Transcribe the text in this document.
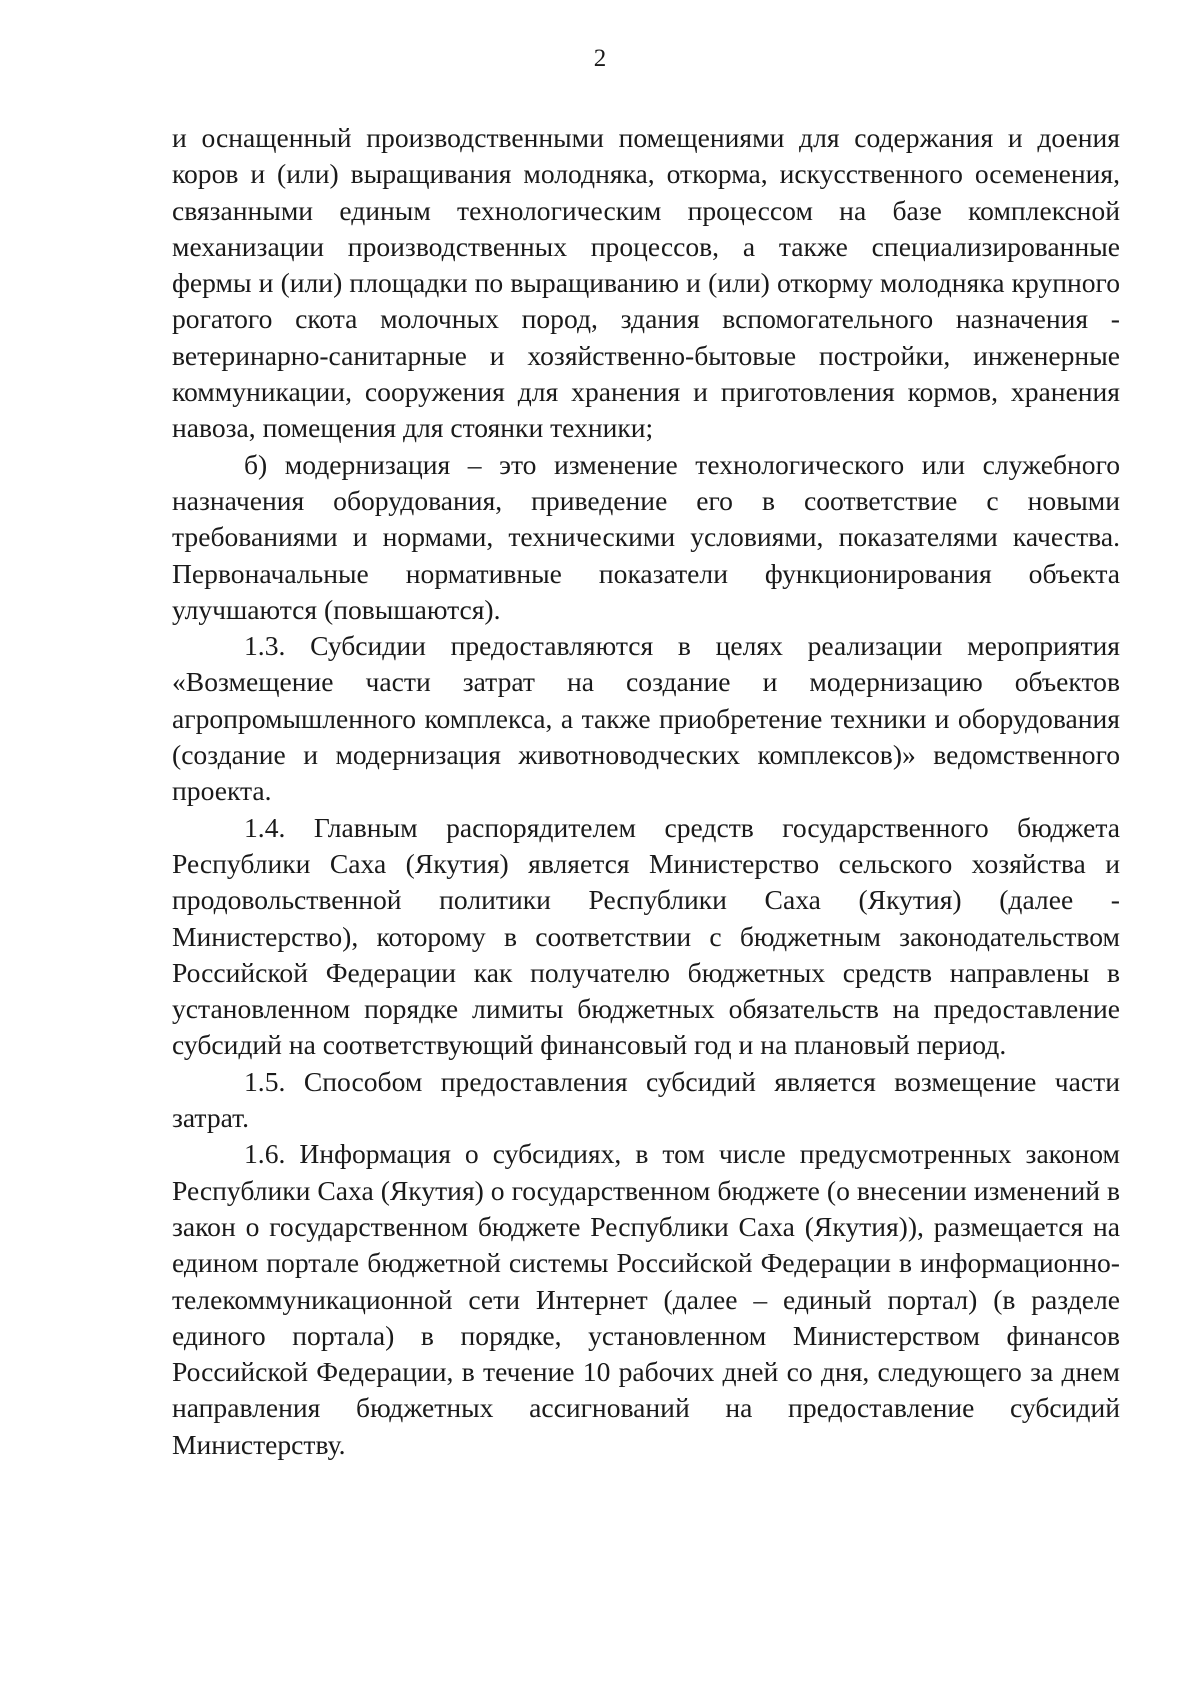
2

и оснащенный производственными помещениями для содержания и доения коров и (или) выращивания молодняка, откорма, искусственного осеменения, связанными единым технологическим процессом на базе комплексной механизации производственных процессов, а также специализированные фермы и (или) площадки по выращиванию и (или) откорму молодняка крупного рогатого скота молочных пород, здания вспомогательного назначения - ветеринарно-санитарные и хозяйственно-бытовые постройки, инженерные коммуникации, сооружения для хранения и приготовления кормов, хранения навоза, помещения для стоянки техники;

б) модернизация – это изменение технологического или служебного назначения оборудования, приведение его в соответствие с новыми требованиями и нормами, техническими условиями, показателями качества. Первоначальные нормативные показатели функционирования объекта улучшаются (повышаются).

1.3. Субсидии предоставляются в целях реализации мероприятия «Возмещение части затрат на создание и модернизацию объектов агропромышленного комплекса, а также приобретение техники и оборудования (создание и модернизация животноводческих комплексов)» ведомственного проекта.

1.4. Главным распорядителем средств государственного бюджета Республики Саха (Якутия) является Министерство сельского хозяйства и продовольственной политики Республики Саха (Якутия) (далее - Министерство), которому в соответствии с бюджетным законодательством Российской Федерации как получателю бюджетных средств направлены в установленном порядке лимиты бюджетных обязательств на предоставление субсидий на соответствующий финансовый год и на плановый период.

1.5. Способом предоставления субсидий является возмещение части затрат.

1.6. Информация о субсидиях, в том числе предусмотренных законом Республики Саха (Якутия) о государственном бюджете (о внесении изменений в закон о государственном бюджете Республики Саха (Якутия)), размещается на едином портале бюджетной системы Российской Федерации в информационно-телекоммуникационной сети Интернет (далее – единый портал) (в разделе единого портала) в порядке, установленном Министерством финансов Российской Федерации, в течение 10 рабочих дней со дня, следующего за днем направления бюджетных ассигнований на предоставление субсидий Министерству.
